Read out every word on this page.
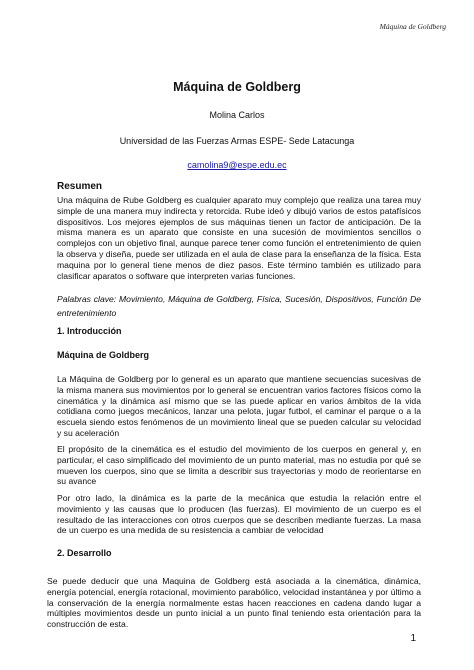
Máquina de Goldberg
Máquina de Goldberg
Molina Carlos
Universidad de las Fuerzas Armas ESPE- Sede Latacunga
camolina9@espe.edu.ec
Resumen
Una máquina de Rube Goldberg es cualquier aparato muy complejo que realiza una tarea muy simple de una manera muy indirecta y retorcida. Rube ideó y dibujó varios de estos patafísicos dispositivos. Los mejores ejemplos de sus máquinas tienen un factor de anticipación. De la misma manera es un aparato que consiste en una sucesión de movimientos sencillos o complejos con un objetivo final, aunque parece tener como función el entretenimiento de quien la observa y diseña, puede ser utilizada en el aula de clase para la enseñanza de la física. Esta maquina por lo general tiene menos de diez pasos. Este término también es utilizado para clasificar aparatos o software que interpreten varias funciones.
Palabras clave: Movimiento, Máquina de Goldberg, Física, Sucesión, Dispositivos, Función De entretenimiento
1. Introducción
Máquina de Goldberg
La Máquina de Goldberg por lo general es un aparato que mantiene secuencias sucesivas de la misma manera sus movimientos por lo general se encuentran varios factores físicos como la cinemática y la dinámica así mismo que se las puede aplicar en varios ámbitos de la vida cotidiana como juegos mecánicos, lanzar una pelota, jugar futbol, el caminar el parque o a la escuela siendo estos fenómenos de un movimiento lineal que se pueden calcular su velocidad y su aceleración
El propósito de la cinemática es el estudio del movimiento de los cuerpos en general y, en particular, el caso simplificado del movimiento de un punto material, mas no estudia por qué se mueven los cuerpos, sino que se limita a describir sus trayectorias y modo de reorientarse en su avance
Por otro lado, la dinámica es la parte de la mecánica que estudia la relación entre el movimiento y las causas que lo producen (las fuerzas). El movimiento de un cuerpo es el resultado de las interacciones con otros cuerpos que se describen mediante fuerzas. La masa de un cuerpo es una medida de su resistencia a cambiar de velocidad
2. Desarrollo
Se puede deducir que una Maquina de Goldberg está asociada a la cinemática, dinámica, energía potencial, energía rotacional, movimiento parabólico, velocidad instantánea y por último a la conservación de la energía normalmente estas hacen reacciones en cadena dando lugar a múltiples movimientos desde un punto inicial a un punto final teniendo esta orientación para la construcción de esta.
1
